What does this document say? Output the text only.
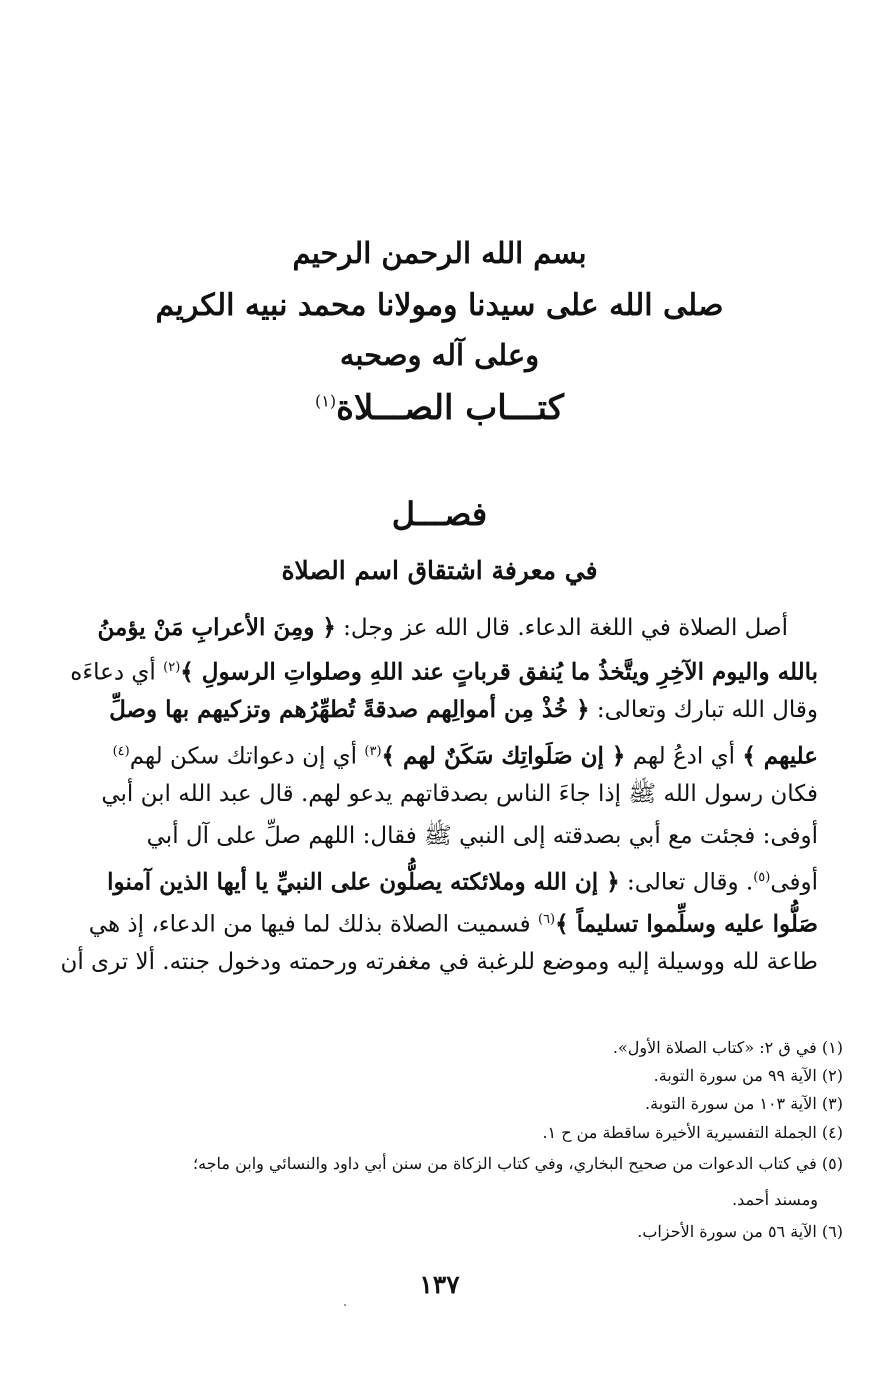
بسم الله الرحمن الرحيم
صلى الله على سيدنا ومولانا محمد نبيه الكريم
وعلى آله وصحبه
كتـــاب الصـــلاة$^{(١)}$
فصـــل
في معرفة اشتقاق اسم الصلاة
أصل الصلاة في اللغة الدعاء. قال الله عز وجل: ﴿ ومِنَ الأعرابِ مَنْ يؤمنُ
بالله واليوم الآخِرِ ويتَّخذُ ما يُنفق قرباتٍ عند اللهِ وصلواتِ الرسولِ ﴾$^{(٢)}$ أي دعاءَه
وقال الله تبارك وتعالى: ﴿ خُذْ مِن أموالِهم صدقةً تُطهِّرُهم وتزكيهم بها وصلِّ
عليهم ﴾ أي ادعُ لهم ﴿ إن صَلَواتِك سَكَنٌ لهم ﴾$^{(٣)}$ أي إن دعواتك سكن لهم$^{(٤)}$
فكان رسول الله ﷺ إذا جاءَ الناس بصدقاتهم يدعو لهم. قال عبد الله ابن أبي
أوفى: فجئت مع أبي بصدقته إلى النبي ﷺ فقال: اللهم صلِّ على آل أبي
أوفى$^{(٥)}$. وقال تعالى: ﴿ إن الله وملائكته يصلُّون على النبيِّ يا أيها الذين آمنوا
صَلُّوا عليه وسلِّموا تسليماً ﴾$^{(٦)}$ فسميت الصلاة بذلك لما فيها من الدعاء، إذ هي
طاعة لله ووسيلة إليه وموضع للرغبة في مغفرته ورحمته ودخول جنته. ألا ترى أن
(١) في ق ٢: «كتاب الصلاة الأول».
(٢) الآية ٩٩ من سورة التوبة.
(٣) الآية ١٠٣ من سورة التوبة.
(٤) الجملة التفسيرية الأخيرة ساقطة من ح ١.
(٥) في كتاب الدعوات من صحيح البخاري، وفي كتاب الزكاة من سنن أبي داود والنسائي وابن ماجه؛
ومسند أحمد.
(٦) الآية ٥٦ من سورة الأحزاب.
١٣٧
